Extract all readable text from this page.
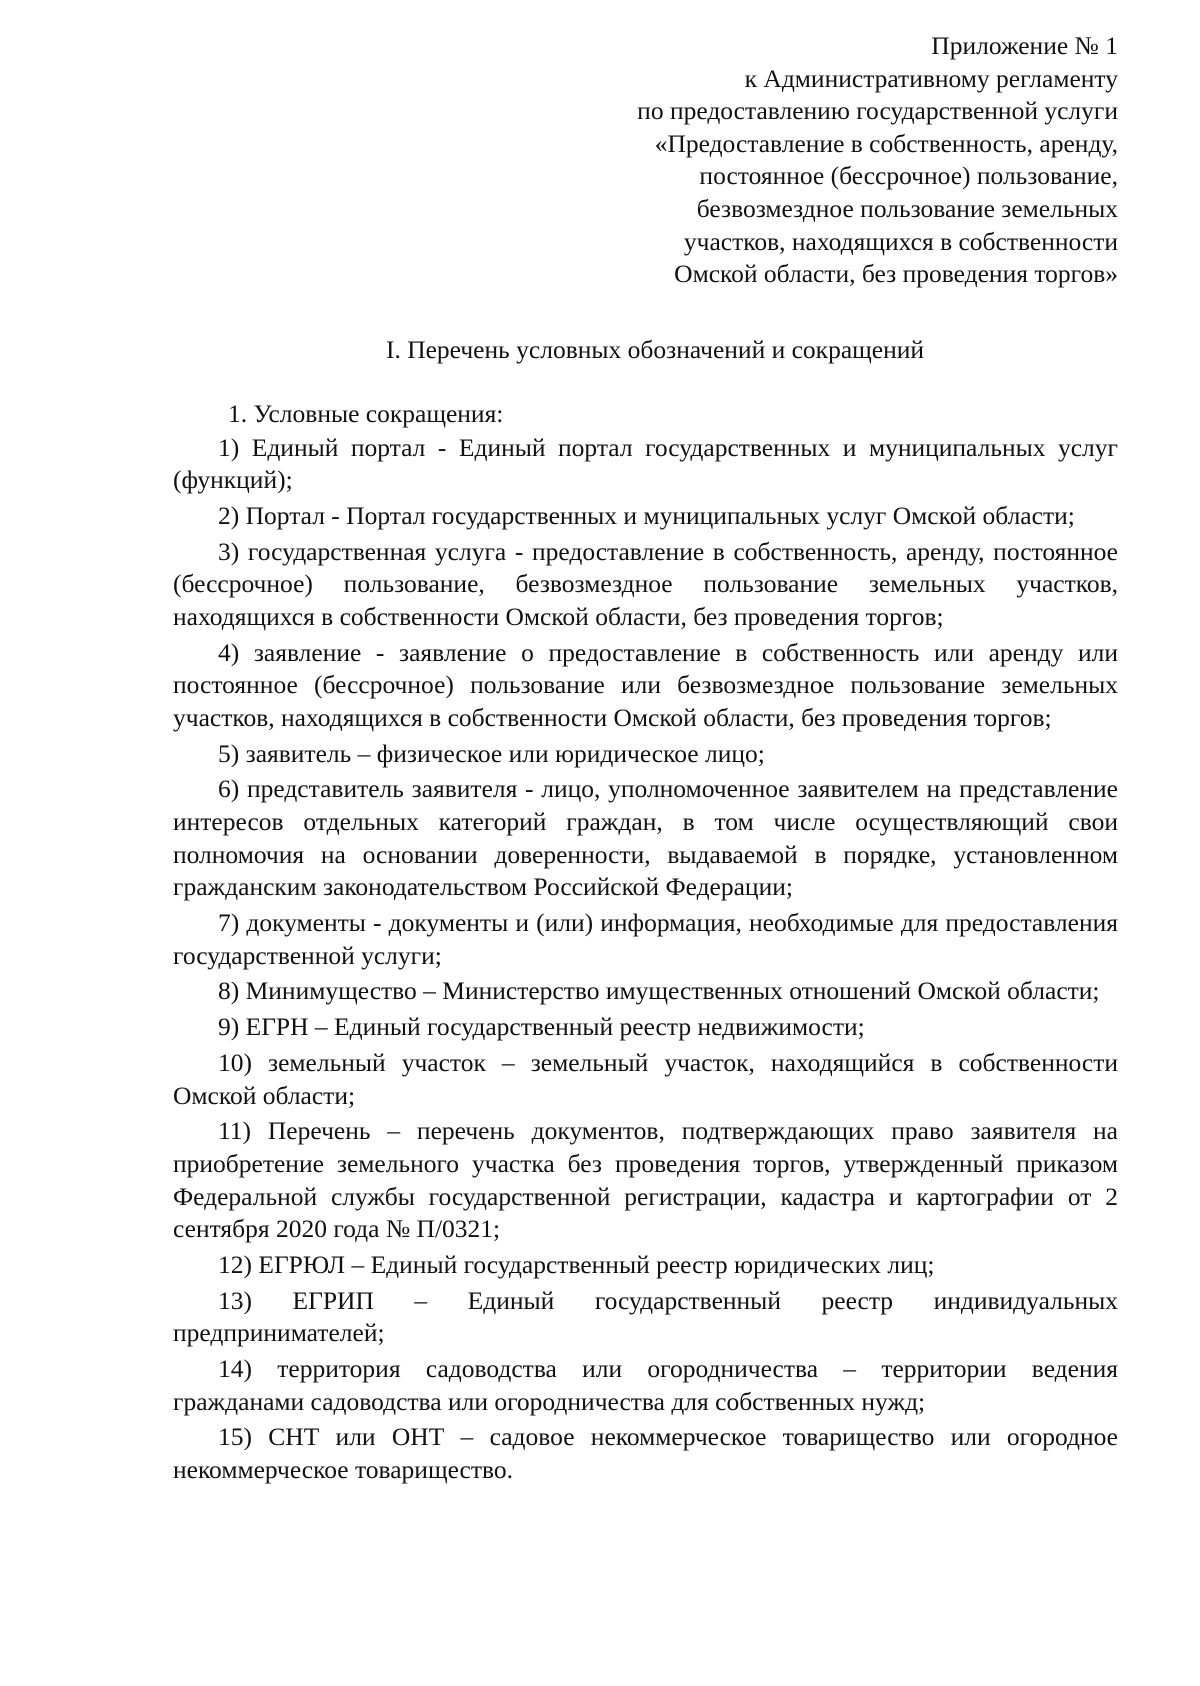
Приложение № 1
к Административному регламенту
по предоставлению государственной услуги
«Предоставление в собственность, аренду,
постоянное (бессрочное) пользование,
безвозмездное пользование земельных
участков, находящихся в собственности
Омской области, без проведения торгов»
I. Перечень условных обозначений и сокращений

1. Условные сокращения:

1) Единый портал - Единый портал государственных и муниципальных услуг (функций);

2) Портал - Портал государственных и муниципальных услуг Омской области;

3) государственная услуга - предоставление в собственность, аренду, постоянное (бессрочное) пользование, безвозмездное пользование земельных участков, находящихся в собственности Омской области, без проведения торгов;

4) заявление - заявление о предоставление в собственность или аренду или постоянное (бессрочное) пользование или безвозмездное пользование земельных участков, находящихся в собственности Омской области, без проведения торгов;

5) заявитель – физическое или юридическое лицо;

6) представитель заявителя - лицо, уполномоченное заявителем на представление интересов отдельных категорий граждан, в том числе осуществляющий свои полномочия на основании доверенности, выдаваемой в порядке, установленном гражданским законодательством Российской Федерации;

7) документы - документы и (или) информация, необходимые для предоставления государственной услуги;

8) Минимущество – Министерство имущественных отношений Омской области;

9) ЕГРН – Единый государственный реестр недвижимости;

10) земельный участок – земельный участок, находящийся в собственности Омской области;

11) Перечень – перечень документов, подтверждающих право заявителя на приобретение земельного участка без проведения торгов, утвержденный приказом Федеральной службы государственной регистрации, кадастра и картографии от 2 сентября 2020 года № П/0321;

12) ЕГРЮЛ – Единый государственный реестр юридических лиц;

13) ЕГРИП – Единый государственный реестр индивидуальных предпринимателей;

14) территория садоводства или огородничества – территории ведения гражданами садоводства или огородничества для собственных нужд;

15) СНТ или ОНТ – садовое некоммерческое товарищество или огородное некоммерческое товарищество.
